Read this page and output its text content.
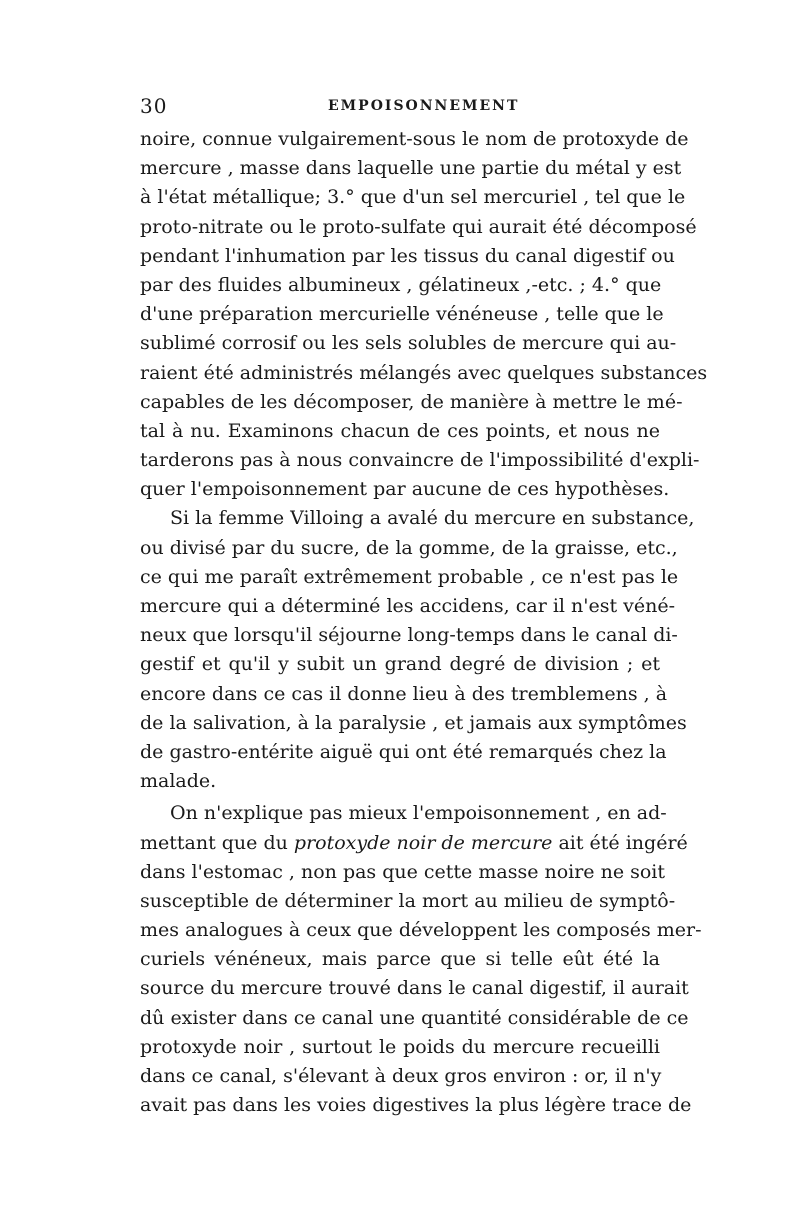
30	EMPOISONNEMENT
noire, connue vulgairement-sous le nom de protoxyde de
mercure , masse dans laquelle une partie du métal y est
à l'état métallique; 3.° que d'un sel mercuriel , tel que le
proto-nitrate ou le proto-sulfate qui aurait été décomposé
pendant l'inhumation par les tissus du canal digestif ou
par des fluides albumineux , gélatineux ,-etc. ; 4.° que
d'une préparation mercurielle vénéneuse , telle que le
sublimé corrosif ou les sels solubles de mercure qui au-
raient été administrés mélangés avec quelques substances
capables de les décomposer, de manière à mettre le mé-
tal à nu. Examinons chacun de ces points, et nous ne
tarderons pas à nous convaincre de l'impossibilité d'expli-
quer l'empoisonnement par aucune de ces hypothèses.
Si la femme Villoing a avalé du mercure en substance,
ou divisé par du sucre, de la gomme, de la graisse, etc.,
ce qui me paraît extrêmement probable , ce n'est pas le
mercure qui a déterminé les accidens, car il n'est véné-
neux que lorsqu'il séjourne long-temps dans le canal di-
gestif et qu'il y subit un grand degré de division ; et
encore dans ce cas il donne lieu à des tremblemens , à
de la salivation, à la paralysie , et jamais aux symptômes
de gastro-entérite aiguë qui ont été remarqués chez la
malade.
On n'explique pas mieux l'empoisonnement , en ad-
mettant que du protoxyde noir de mercure ait été ingéré
dans l'estomac , non pas que cette masse noire ne soit
susceptible de déterminer la mort au milieu de symptô-
mes analogues à ceux que développent les composés mer-
curiels vénéneux, mais parce que si telle eût été la
source du mercure trouvé dans le canal digestif, il aurait
dû exister dans ce canal une quantité considérable de ce
protoxyde noir , surtout le poids du mercure recueilli
dans ce canal, s'élevant à deux gros environ : or, il n'y
avait pas dans les voies digestives la plus légère trace de
